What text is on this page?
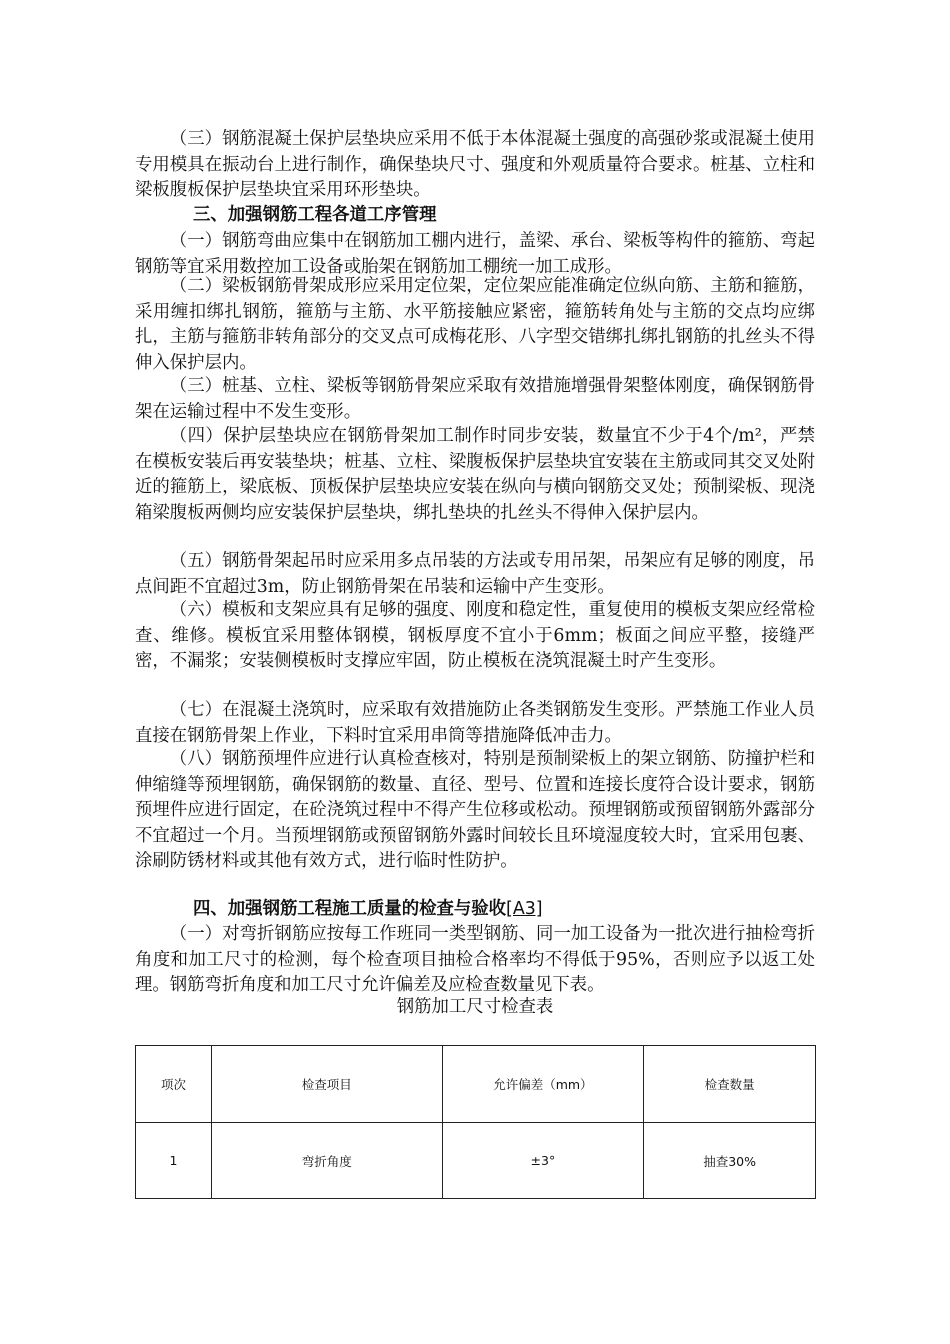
（三）钢筋混凝土保护层垫块应采用不低于本体混凝土强度的高强砂浆或混凝土使用专用模具在振动台上进行制作，确保垫块尺寸、强度和外观质量符合要求。桩基、立柱和梁板腹板保护层垫块宜采用环形垫块。

三、加强钢筋工程各道工序管理

（一）钢筋弯曲应集中在钢筋加工棚内进行，盖梁、承台、梁板等构件的箍筋、弯起钢筋等宜采用数控加工设备或胎架在钢筋加工棚统一加工成形。

（二）梁板钢筋骨架成形应采用定位架，定位架应能准确定位纵向筋、主筋和箍筋，采用缠扣绑扎钢筋，箍筋与主筋、水平筋接触应紧密，箍筋转角处与主筋的交点均应绑扎，主筋与箍筋非转角部分的交叉点可成梅花形、八字型交错绑扎绑扎钢筋的扎丝头不得伸入保护层内。

（三）桩基、立柱、梁板等钢筋骨架应采取有效措施增强骨架整体刚度，确保钢筋骨架在运输过程中不发生变形。

（四）保护层垫块应在钢筋骨架加工制作时同步安装，数量宜不少于4个/m²，严禁在模板安装后再安装垫块；桩基、立柱、梁腹板保护层垫块宜安装在主筋或同其交叉处附近的箍筋上，梁底板、顶板保护层垫块应安装在纵向与横向钢筋交叉处；预制梁板、现浇箱梁腹板两侧均应安装保护层垫块，绑扎垫块的扎丝头不得伸入保护层内。

（五）钢筋骨架起吊时应采用多点吊装的方法或专用吊架，吊架应有足够的刚度，吊点间距不宜超过3m，防止钢筋骨架在吊装和运输中产生变形。

（六）模板和支架应具有足够的强度、刚度和稳定性，重复使用的模板支架应经常检查、维修。模板宜采用整体钢模，钢板厚度不宜小于6mm；板面之间应平整，接缝严密，不漏浆；安装侧模板时支撑应牢固，防止模板在浇筑混凝土时产生变形。

（七）在混凝土浇筑时，应采取有效措施防止各类钢筋发生变形。严禁施工作业人员直接在钢筋骨架上作业，下料时宜采用串筒等措施降低冲击力。

（八）钢筋预埋件应进行认真检查核对，特别是预制梁板上的架立钢筋、防撞护栏和伸缩缝等预埋钢筋，确保钢筋的数量、直径、型号、位置和连接长度符合设计要求，钢筋预埋件应进行固定，在砼浇筑过程中不得产生位移或松动。预埋钢筋或预留钢筋外露部分不宜超过一个月。当预埋钢筋或预留钢筋外露时间较长且环境湿度较大时，宜采用包裹、涂刷防锈材料或其他有效方式，进行临时性防护。

四、加强钢筋工程施工质量的检查与验收[A3]

（一）对弯折钢筋应按每工作班同一类型钢筋、同一加工设备为一批次进行抽检弯折角度和加工尺寸的检测，每个检查项目抽检合格率均不得低于95%，否则应予以返工处理。钢筋弯折角度和加工尺寸允许偏差及应检查数量见下表。

钢筋加工尺寸检查表

项次	检查项目	允许偏差（mm）	检查数量
1	弯折角度	±3°	抽查30%
